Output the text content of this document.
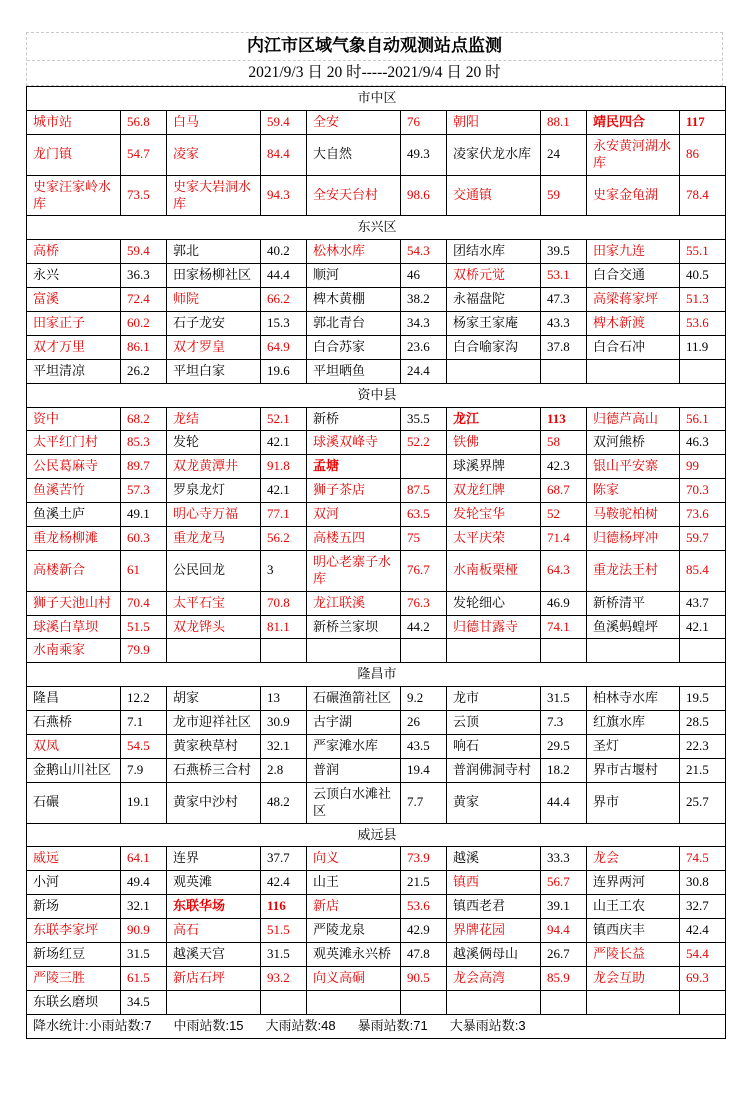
内江市区域气象自动观测站点监测
2021/9/3 日 20 时-----2021/9/4 日 20 时
市中区									
城市站	56.8	白马	59.4	全安	76	朝阳	88.1	靖民四合	117
龙门镇	54.7	凌家	84.4	大自然	49.3	凌家伏龙水库	24	永安黄河湖水库	86
史家汪家岭水库	73.5	史家大岩洞水库	94.3	全安天台村	98.6	交通镇	59	史家金龟湖	78.4
东兴区									
高桥	59.4	郭北	40.2	松林水库	54.3	团结水库	39.5	田家九连	55.1
永兴	36.3	田家杨柳社区	44.4	顺河	46	双桥元觉	53.1	白合交通	40.5
富溪	72.4	师院	66.2	椑木黄棚	38.2	永福盘陀	47.3	高梁蒋家坪	51.3
田家正子	60.2	石子龙安	15.3	郭北青台	34.3	杨家王家庵	43.3	椑木新渡	53.6
双才万里	86.1	双才罗皇	64.9	白合苏家	23.6	白合喻家沟	37.8	白合石冲	11.9
平坦清凉	26.2	平坦白家	19.6	平坦晒鱼	24.4				
资中县									
资中	68.2	龙结	52.1	新桥	35.5	龙江	113	归德芦高山	56.1
太平红门村	85.3	发轮	42.1	球溪双峰寺	52.2	铁佛	58	双河熊桥	46.3
公民葛麻寺	89.7	双龙黄潭井	91.8	孟塘		球溪界牌	42.3	银山平安寨	99
鱼溪苦竹	57.3	罗泉龙灯	42.1	狮子茶店	87.5	双龙红牌	68.7	陈家	70.3
鱼溪土庐	49.1	明心寺万福	77.1	双河	63.5	发轮宝华	52	马鞍驼柏树	73.6
重龙杨柳滩	60.3	重龙龙马	56.2	高楼五四	75	太平庆荣	71.4	归德杨坪冲	59.7
高楼新合	61	公民回龙	3	明心老寨子水库	76.7	水南板栗桠	64.3	重龙法王村	85.4
狮子天池山村	70.4	太平石宝	70.8	龙江联溪	76.3	发轮细心	46.9	新桥清平	43.7
球溪白草坝	51.5	双龙铧头	81.1	新桥兰家坝	44.2	归德甘露寺	74.1	鱼溪蚂蝗坪	42.1
水南乘家	79.9								
隆昌市									
隆昌	12.2	胡家	13	石碾渔箭社区	9.2	龙市	31.5	柏林寺水库	19.5
石燕桥	7.1	龙市迎祥社区	30.9	古宇湖	26	云顶	7.3	红旗水库	28.5
双凤	54.5	黄家秧草村	32.1	严家滩水库	43.5	响石	29.5	圣灯	22.3
金鹅山川社区	7.9	石燕桥三合村	2.8	普润	19.4	普润佛洞寺村	18.2	界市古堰村	21.5
石碾	19.1	黄家中沙村	48.2	云顶白水滩社区	7.7	黄家	44.4	界市	25.7
威远县									
威远	64.1	连界	37.7	向义	73.9	越溪	33.3	龙会	74.5
小河	49.4	观英滩	42.4	山王	21.5	镇西	56.7	连界两河	30.8
新场	32.1	东联华场	116	新店	53.6	镇西老君	39.1	山王工农	32.7
东联李家坪	90.9	高石	51.5	严陵龙泉	42.9	界牌花园	94.4	镇西庆丰	42.4
新场红豆	31.5	越溪天宫	31.5	观英滩永兴桥	47.8	越溪俩母山	26.7	严陵长益	54.4
严陵三胜	61.5	新店石坪	93.2	向义高硐	90.5	龙会高湾	85.9	龙会互助	69.3
东联幺磨坝	34.5								
降水统计:小雨站数:7 中雨站数:15 大雨站数:48 暴雨站数:71 大暴雨站数:3									
